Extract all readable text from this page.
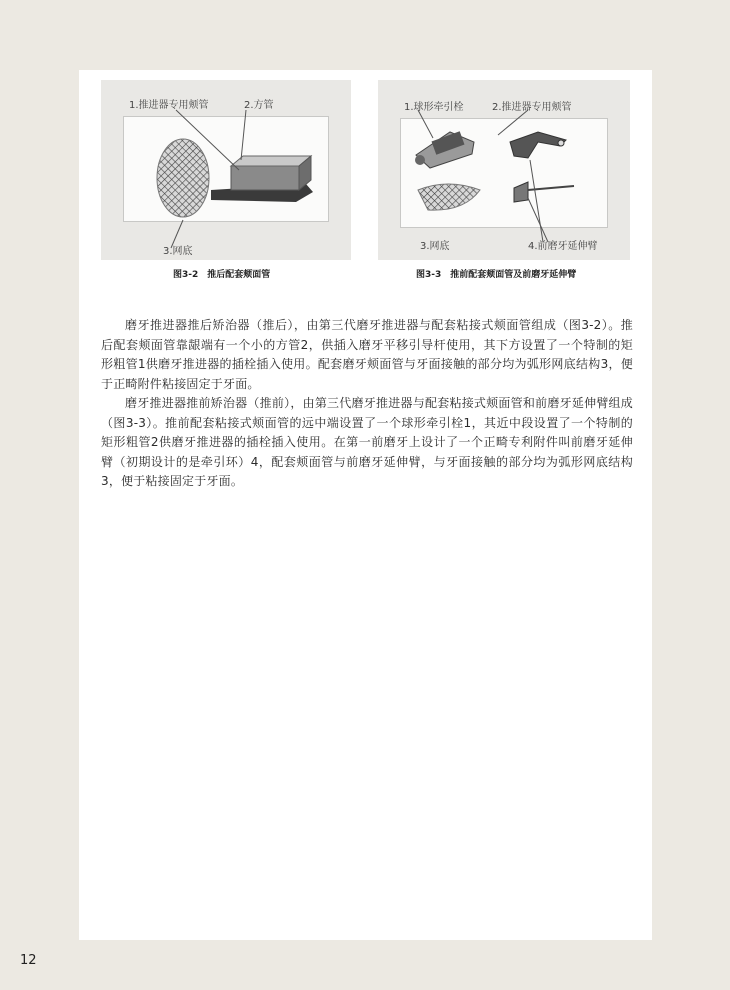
1.推进器专用颊管	2.方管
3.网底
图3-2　推后配套颊面管
1.球形牵引栓	2.推进器专用颊管
3.网底	4.前磨牙延伸臂
图3-3　推前配套颊面管及前磨牙延伸臂

磨牙推进器推后矫治器（推后），由第三代磨牙推进器与配套粘接式颊面管组成（图3-2）。推后配套颊面管靠龈端有一个小的方管2，供插入磨牙平移引导杆使用，其下方设置了一个特制的矩形粗管1供磨牙推进器的插栓插入使用。配套磨牙颊面管与牙面接触的部分均为弧形网底结构3，便于正畸附件粘接固定于牙面。

磨牙推进器推前矫治器（推前），由第三代磨牙推进器与配套粘接式颊面管和前磨牙延伸臂组成（图3-3）。推前配套粘接式颊面管的远中端设置了一个球形牵引栓1，其近中段设置了一个特制的矩形粗管2供磨牙推进器的插栓插入使用。在第一前磨牙上设计了一个正畸专利附件叫前磨牙延伸臂（初期设计的是牵引环）4，配套颊面管与前磨牙延伸臂，与牙面接触的部分均为弧形网底结构3，便于粘接固定于牙面。

12
